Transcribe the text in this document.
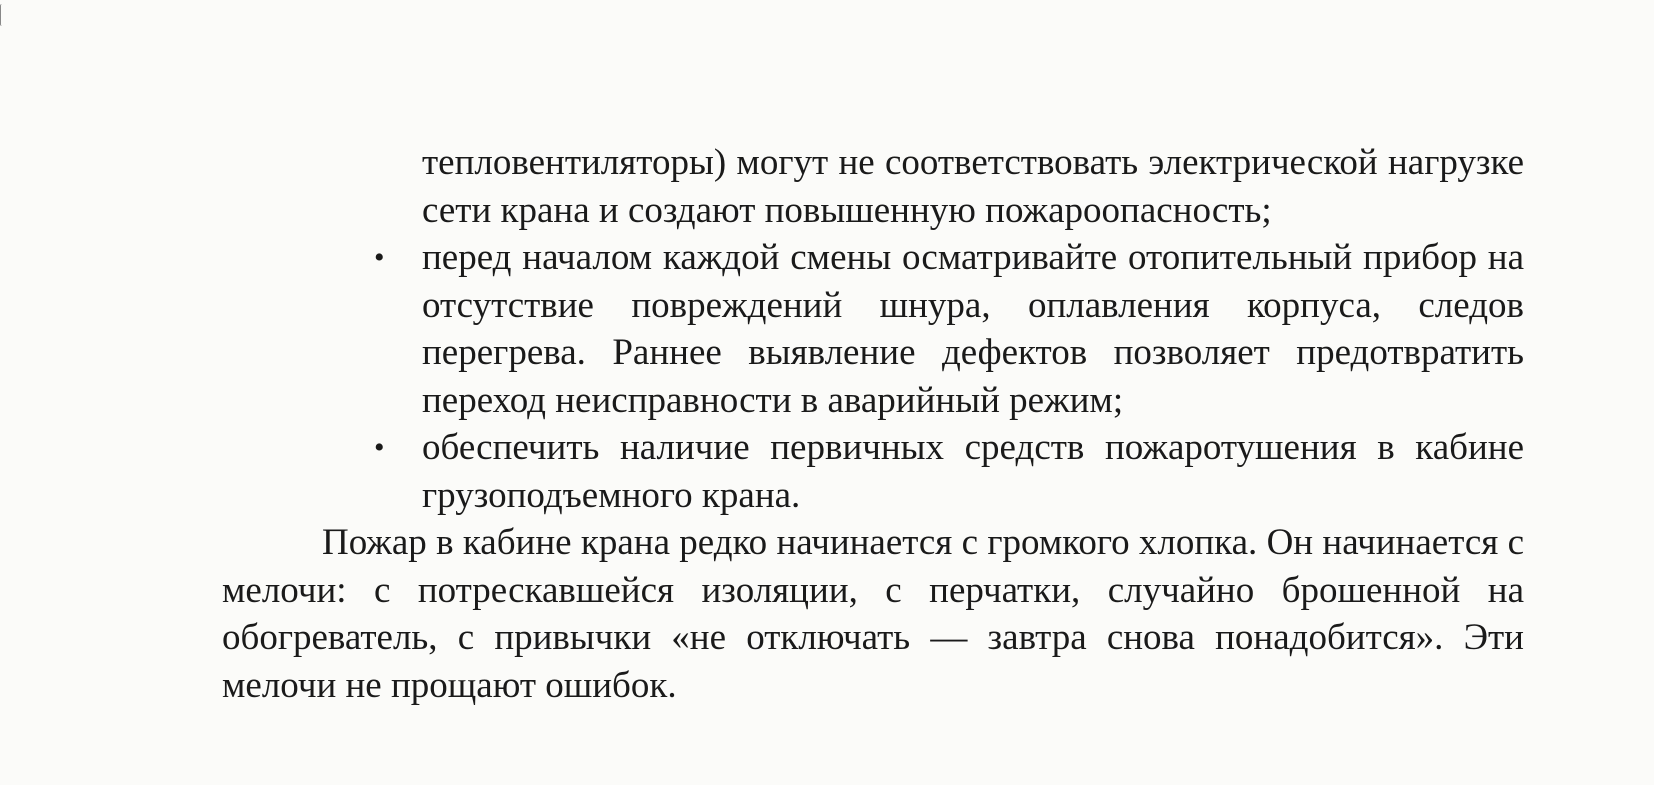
тепловентиляторы) могут не соответствовать электрической нагрузке сети крана и создают повышенную пожароопасность;
• перед началом каждой смены осматривайте отопительный прибор на отсутствие повреждений шнура, оплавления корпуса, следов перегрева. Раннее выявление дефектов позволяет предотвратить переход неисправности в аварийный режим;
• обеспечить наличие первичных средств пожаротушения в кабине грузоподъемного крана.

Пожар в кабине крана редко начинается с громкого хлопка. Он начинается с мелочи: с потрескавшейся изоляции, с перчатки, случайно брошенной на обогреватель, с привычки «не отключать — завтра снова понадобится». Эти мелочи не прощают ошибок.
